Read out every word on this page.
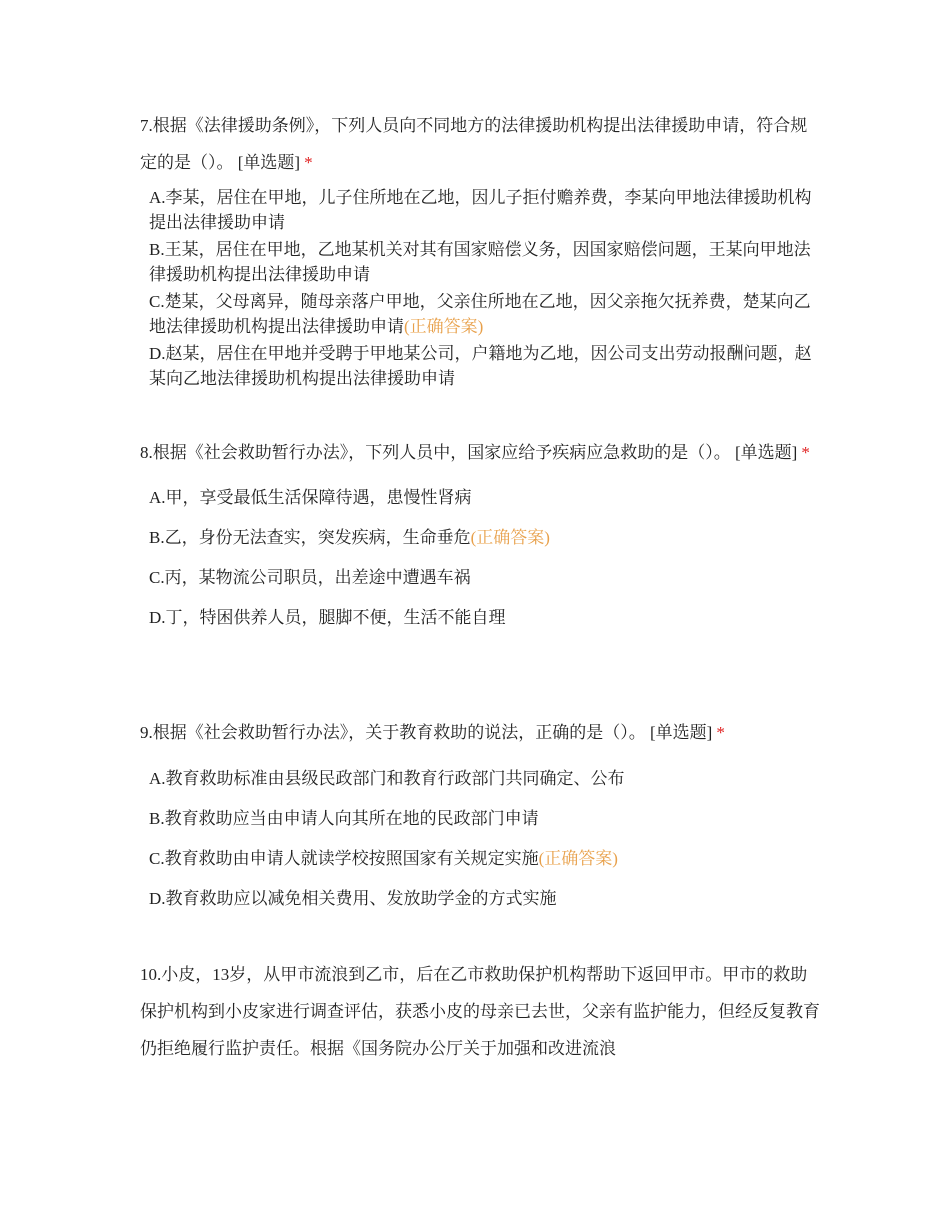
7.根据《法律援助条例》，下列人员向不同地方的法律援助机构提出法律援助申请，符合规定的是（）。 [单选题] *

A.李某，居住在甲地，儿子住所地在乙地，因儿子拒付赡养费，李某向甲地法律援助机构提出法律援助申请
B.王某，居住在甲地，乙地某机关对其有国家赔偿义务，因国家赔偿问题，王某向甲地法律援助机构提出法律援助申请
C.楚某，父母离异，随母亲落户甲地，父亲住所地在乙地，因父亲拖欠抚养费，楚某向乙地法律援助机构提出法律援助申请(正确答案)
D.赵某，居住在甲地并受聘于甲地某公司，户籍地为乙地，因公司支出劳动报酬问题，赵某向乙地法律援助机构提出法律援助申请

8.根据《社会救助暂行办法》，下列人员中，国家应给予疾病应急救助的是（）。 [单选题] *

A.甲，享受最低生活保障待遇，患慢性肾病
B.乙，身份无法查实，突发疾病，生命垂危(正确答案)
C.丙，某物流公司职员，出差途中遭遇车祸
D.丁，特困供养人员，腿脚不便，生活不能自理

9.根据《社会救助暂行办法》，关于教育救助的说法，正确的是（）。 [单选题] *

A.教育救助标准由县级民政部门和教育行政部门共同确定、公布
B.教育救助应当由申请人向其所在地的民政部门申请
C.教育救助由申请人就读学校按照国家有关规定实施(正确答案)
D.教育救助应以减免相关费用、发放助学金的方式实施

10.小皮，13岁，从甲市流浪到乙市，后在乙市救助保护机构帮助下返回甲市。甲市的救助保护机构到小皮家进行调查评估，获悉小皮的母亲已去世，父亲有监护能力，但经反复教育仍拒绝履行监护责任。根据《国务院办公厅关于加强和改进流浪
